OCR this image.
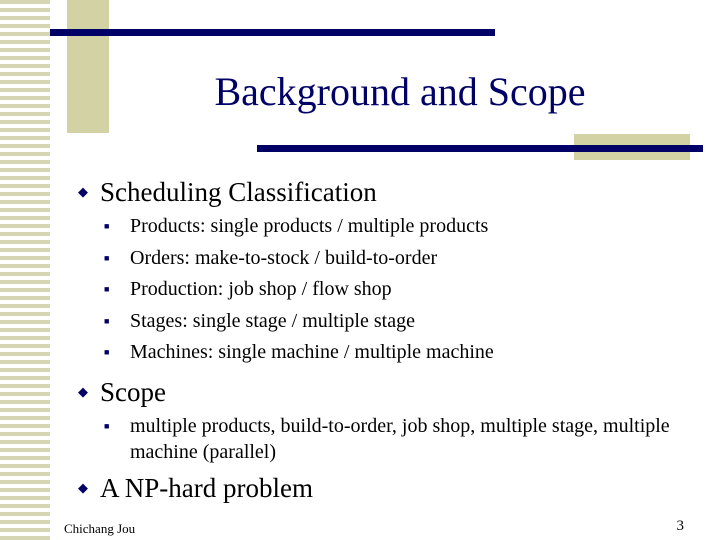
Background and Scope
◆ Scheduling Classification
■ Products: single products / multiple products
■ Orders: make-to-stock / build-to-order
■ Production: job shop / flow shop
■ Stages: single stage / multiple stage
■ Machines: single machine / multiple machine
◆ Scope
■ multiple products, build-to-order, job shop, multiple stage, multiple machine (parallel)
◆ A NP-hard problem
Chichang Jou	3
